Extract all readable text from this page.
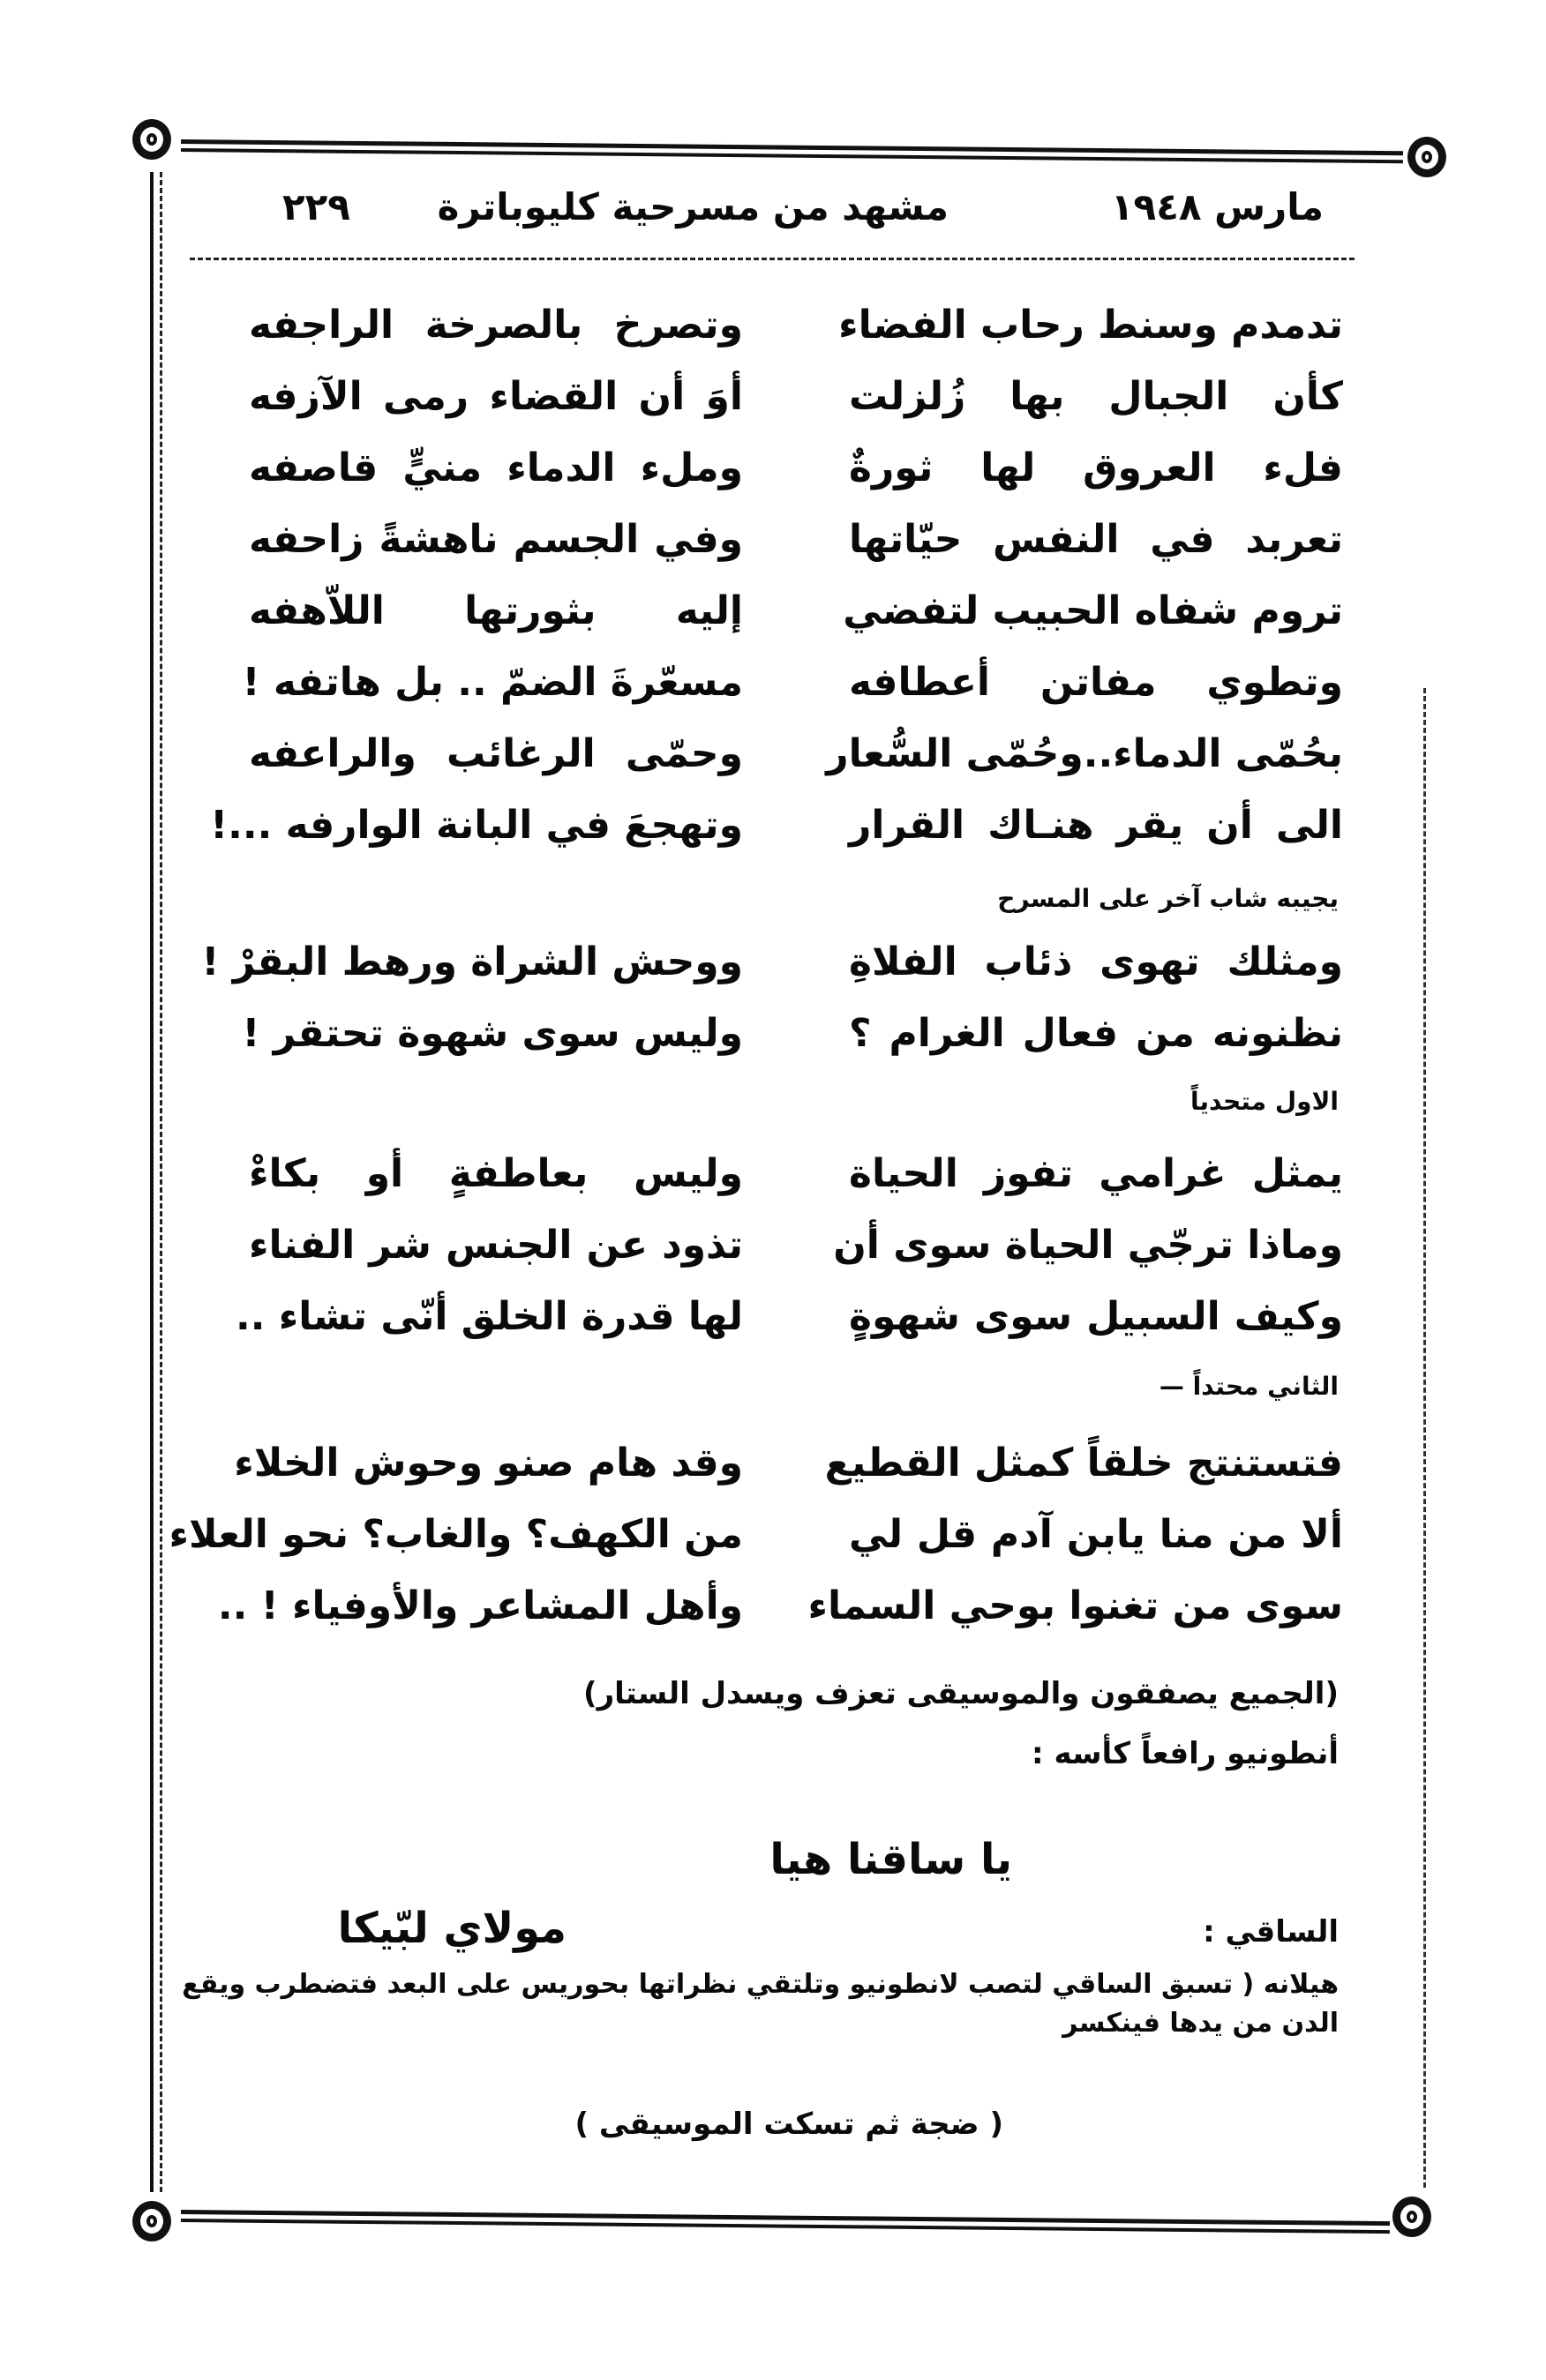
مارس ١٩٤٨
مشهد من مسرحية كليوباترة
٢٢٩
تدمدم وسنط رحاب الفضاء
وتصرخ بالصرخة الراجفه
كأن الجبال بها زُلزلت
أوَ أن القضاء رمى الآزفه
فلء العروق لها ثورةٌ
وملء الدماء منيٍّ قاصفه
تعربد في النفس حيّاتها
وفي الجسم ناهشةً زاحفه
تروم شفاه الحبيب لتفضي
إليه بثورتها اللاّهفه
وتطوي مفاتن أعطافه
مسعّرةَ الضمّ .. بل هاتفه !
بحُمّى الدماء..وحُمّى السُّعار
وحمّى الرغائب والراعفه
الى أن يقر هنـاك القرار
وتهجعَ في البانة الوارفه ...!
يجيبه شاب آخر على المسرح
ومثلك تهوى ذئاب الفلاةِ
ووحش الشراة ورهط البقرْ !
نظنونه من فعال الغرام ؟
وليس سوى شهوة تحتقر !
الاول متحدياً
يمثل غرامي تفوز الحياة
وليس بعاطفةٍ أو بكاءْ
وماذا ترجّي الحياة سوى أن
تذود عن الجنس شر الفناء
وكيف السبيل سوى شهوةٍ
لها قدرة الخلق أنّى تشاء ..
الثاني محتداً —
فتستنتج خلقاً كمثل القطيع
وقد هام صنو وحوش الخلاء
ألا من منا يابن آدم قل لي
من الكهف؟ والغاب؟ نحو العلاء
سوى من تغنوا بوحي السماء
وأهل المشاعر والأوفياء ! ..
(الجميع يصفقون والموسيقى تعزف ويسدل الستار)
أنطونيو رافعاً كأسه :
يا ساقنا هيا
الساقي :
مولاي لبّيكا
هيلانه ( تسبق الساقي لتصب لانطونيو وتلتقي نظراتها بحوريس على البعد فتضطرب ويقع
الدن من يدها فينكسر
( ضجة ثم تسكت الموسيقى )
